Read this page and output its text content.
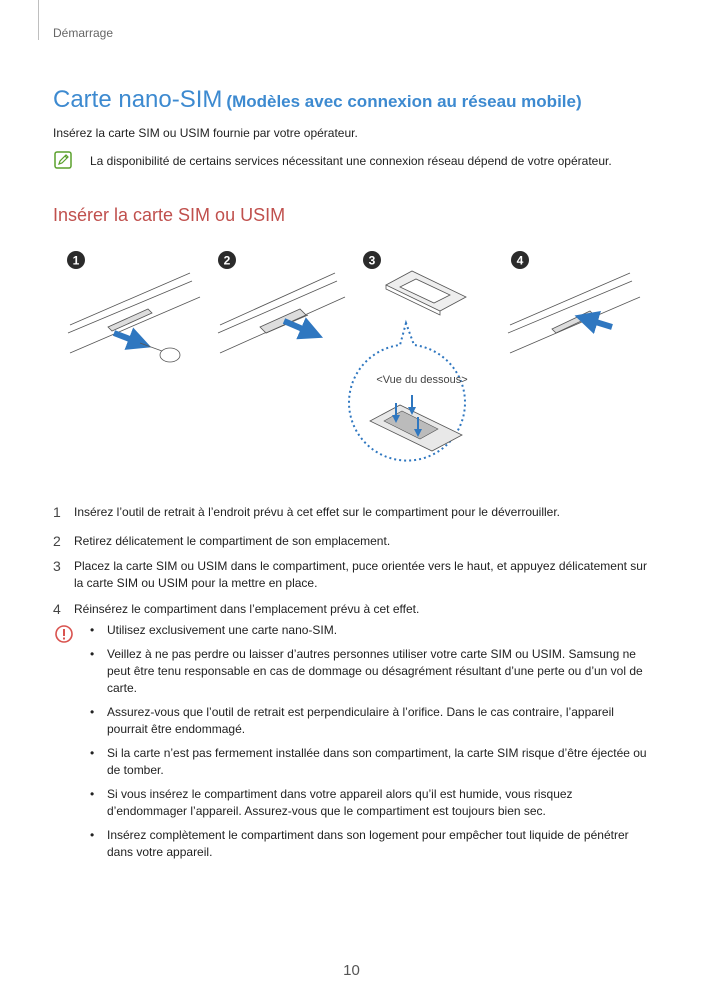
Démarrage
Carte nano-SIM (Modèles avec connexion au réseau mobile)
Insérez la carte SIM ou USIM fournie par votre opérateur.
La disponibilité de certains services nécessitant une connexion réseau dépend de votre opérateur.
Insérer la carte SIM ou USIM
1	2	3	4
<Vue du dessous>
1 Insérez l’outil de retrait à l’endroit prévu à cet effet sur le compartiment pour le déverrouiller.
2 Retirez délicatement le compartiment de son emplacement.
3 Placez la carte SIM ou USIM dans le compartiment, puce orientée vers le haut, et appuyez délicatement sur la carte SIM ou USIM pour la mettre en place.
4 Réinsérez le compartiment dans l’emplacement prévu à cet effet.
• Utilisez exclusivement une carte nano-SIM.
• Veillez à ne pas perdre ou laisser d’autres personnes utiliser votre carte SIM ou USIM. Samsung ne peut être tenu responsable en cas de dommage ou désagrément résultant d’une perte ou d’un vol de carte.
• Assurez-vous que l’outil de retrait est perpendiculaire à l’orifice. Dans le cas contraire, l’appareil pourrait être endommagé.
• Si la carte n’est pas fermement installée dans son compartiment, la carte SIM risque d’être éjectée ou de tomber.
• Si vous insérez le compartiment dans votre appareil alors qu’il est humide, vous risquez d’endommager l’appareil. Assurez-vous que le compartiment est toujours bien sec.
• Insérez complètement le compartiment dans son logement pour empêcher tout liquide de pénétrer dans votre appareil.
10
